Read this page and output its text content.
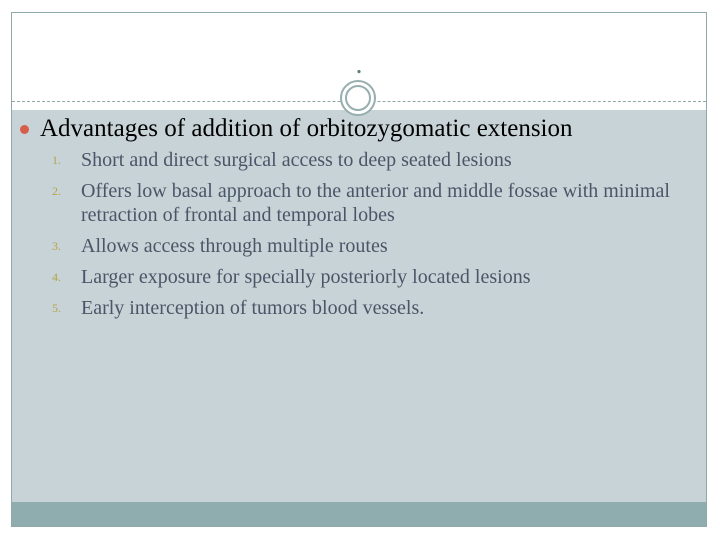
.
Advantages of addition of orbitozygomatic extension
1. Short and direct surgical access to deep seated lesions
2. Offers low basal approach to the anterior and middle fossae with minimal retraction of frontal and temporal lobes
3. Allows access through multiple routes
4. Larger exposure for specially posteriorly located lesions
5. Early interception of tumors blood vessels.
